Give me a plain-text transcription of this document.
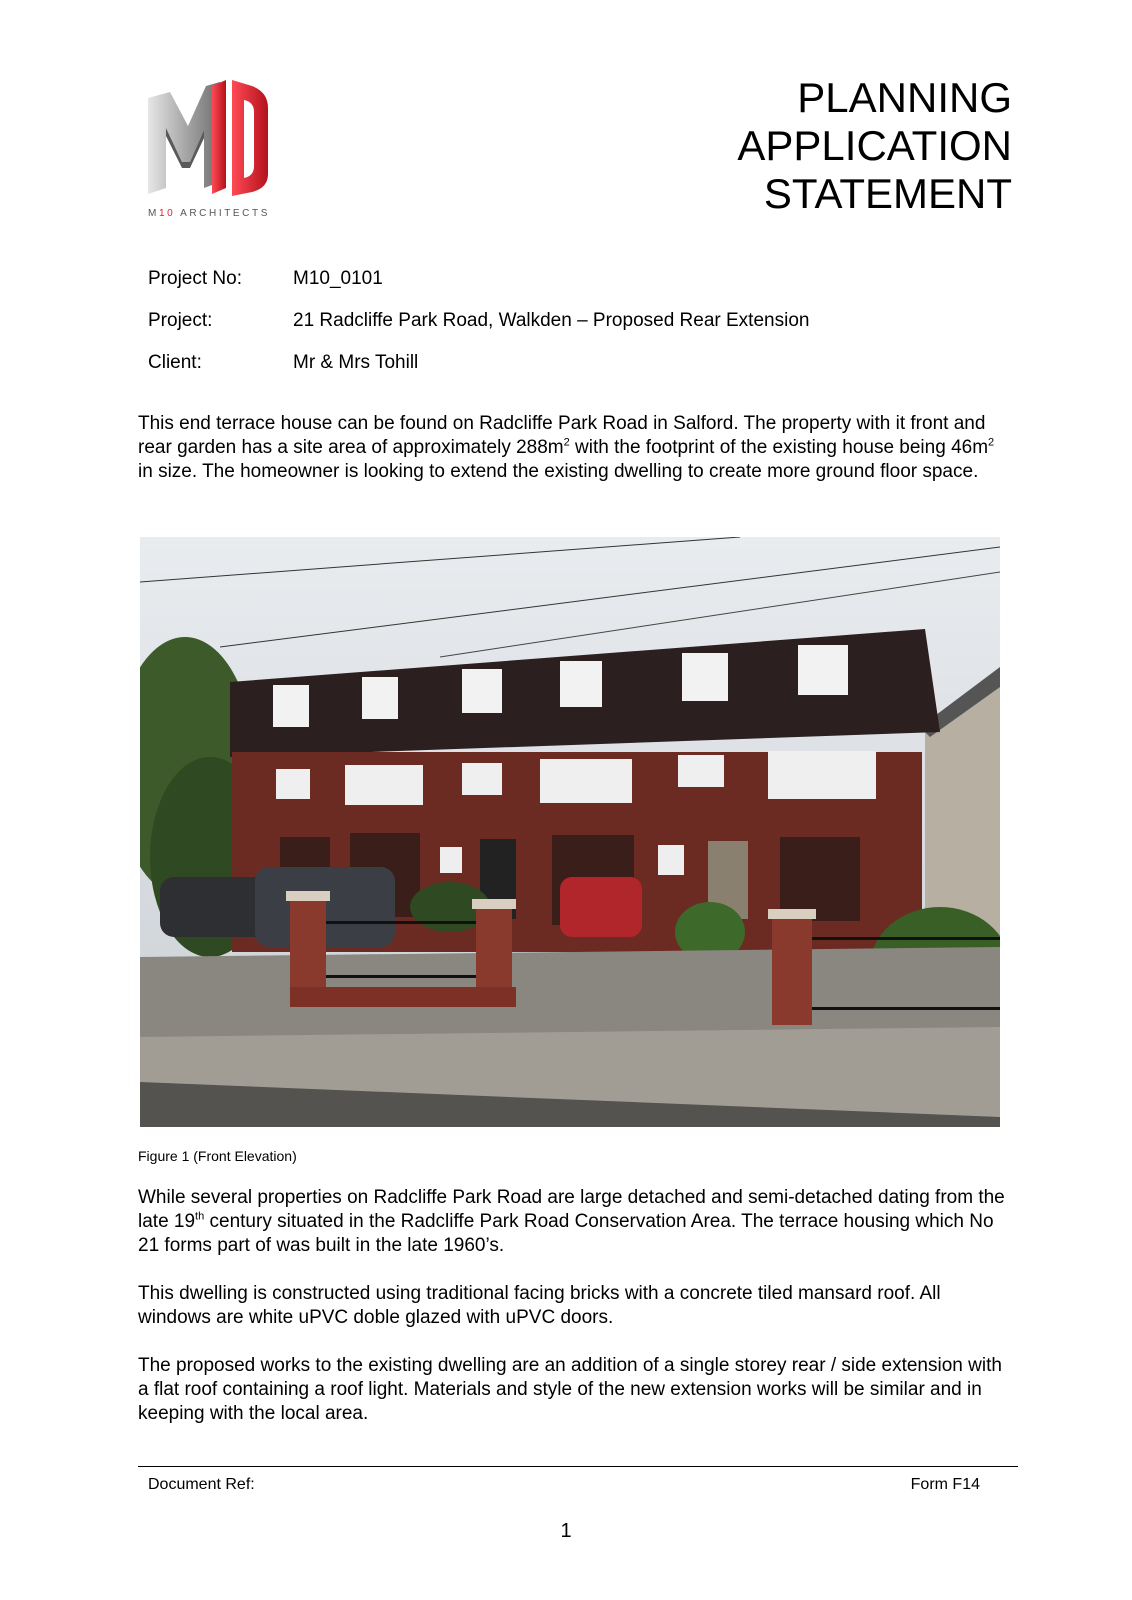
M10 ARCHITECTS
PLANNING
APPLICATION
STATEMENT
Project No:	M10_0101
Project:	21 Radcliffe Park Road, Walkden – Proposed Rear Extension
Client:	Mr & Mrs Tohill

This end terrace house can be found on Radcliffe Park Road in Salford. The property with it front and rear garden has a site area of approximately $288m^2$ with the footprint of the existing house being $46m^2$ in size. The homeowner is looking to extend the existing dwelling to create more ground floor space.

Figure 1 (Front Elevation)

While several properties on Radcliffe Park Road are large detached and semi-detached dating from the late 19th century situated in the Radcliffe Park Road Conservation Area. The terrace housing which No 21 forms part of was built in the late 1960’s.

This dwelling is constructed using traditional facing bricks with a concrete tiled mansard roof. All windows are white uPVC doble glazed with uPVC doors.

The proposed works to the existing dwelling are an addition of a single storey rear / side extension with a flat roof containing a roof light. Materials and style of the new extension works will be similar and in keeping with the local area.

Document Ref:	Form F14
1
